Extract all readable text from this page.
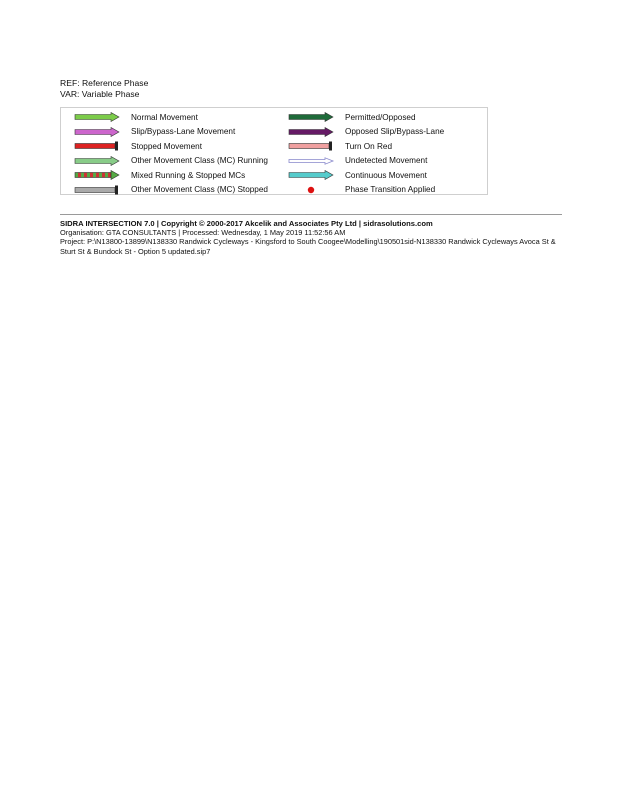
REF: Reference Phase
VAR: Variable Phase
Normal Movement
Slip/Bypass-Lane Movement
Stopped Movement
Other Movement Class (MC) Running
Mixed Running & Stopped MCs
Other Movement Class (MC) Stopped
Permitted/Opposed
Opposed Slip/Bypass-Lane
Turn On Red
Undetected Movement
Continuous Movement
Phase Transition Applied
SIDRA INTERSECTION 7.0 | Copyright © 2000-2017 Akcelik and Associates Pty Ltd | sidrasolutions.com
Organisation: GTA CONSULTANTS | Processed: Wednesday, 1 May 2019 11:52:56 AM
Project: P:\N13800-13899\N138330 Randwick Cycleways - Kingsford to South Coogee\Modelling\190501sid-N138330 Randwick Cycleways Avoca St & Sturt St & Bundock St - Option 5 updated.sip7
